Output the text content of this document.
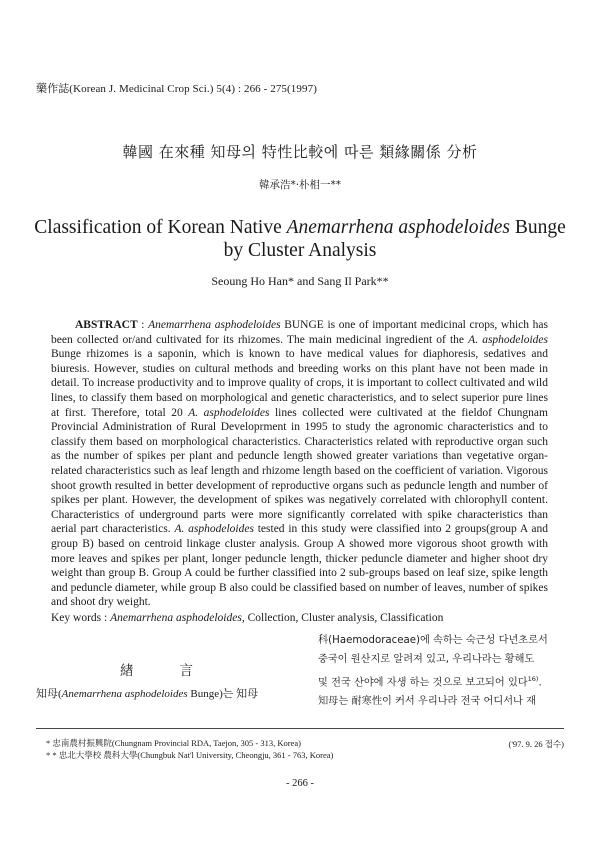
藥作誌(Korean J. Medicinal Crop Sci.) 5(4) : 266 - 275(1997)
韓國 在來種 知母의 特性比較에 따른 類緣關係 分析
韓承浩*·朴相一**
Classification of Korean Native Anemarrhena asphodeloides Bunge
by Cluster Analysis
Seoung Ho Han* and Sang Il Park**
ABSTRACT : Anemarrhena asphodeloides BUNGE is one of important medicinal crops, which has been collected or/and cultivated for its rhizomes. The main medicinal ingredient of the A. asphodeloides Bunge rhizomes is a saponin, which is known to have medical values for diaphoresis, sedatives and biuresis. However, studies on cultural methods and breeding works on this plant have not been made in detail. To increase productivity and to improve quality of crops, it is important to collect cultivated and wild lines, to classify them based on morphological and genetic characteristics, and to select superior pure lines at first. Therefore, total 20 A. asphodeloides lines collected were cultivated at the fieldof Chungnam Provincial Administration of Rural Developrment in 1995 to study the agronomic characteristics and to classify them based on morphological characteristics. Characteristics related with reproductive organ such as the number of spikes per plant and peduncle length showed greater variations than vegetative organ-related characteristics such as leaf length and rhizome length based on the coefficient of variation. Vigorous shoot growth resulted in better development of reproductive organs such as peduncle length and number of spikes per plant. However, the development of spikes was negatively correlated with chlorophyll content. Characteristics of underground parts were more significantly correlated with spike characteristics than aerial part characteristics. A. asphodeloides tested in this study were classified into 2 groups(group A and group B) based on centroid linkage cluster analysis. Group A showed more vigorous shoot growth with more leaves and spikes per plant, longer peduncle length, thicker peduncle diameter and higher shoot dry weight than group B. Group A could be further classified into 2 sub-groups based on leaf size, spike length and peduncle diameter, while group B also could be classified based on number of leaves, number of spikes and shoot dry weight.
Key words : Anemarrhena asphodeloides, Collection, Cluster analysis, Classification
緖	言
知母(Anemarrhena asphodeloides Bunge)는 知母
科(Haemodoraceae)에 속하는 숙근성 다년초로서
중국이 원산지로 알려져 있고, 우리나라는 황해도
및 전국 산야에 자생 하는 것으로 보고되어 있다$^{16)}$.
知母는 耐寒性이 커서 우리나라 전국 어디서나 재
* 忠南農村振興院(Chungnam Provincial RDA, Taejon, 305 - 313, Korea)
* * 忠北大學校 農科大學(Chungbuk Nat'l University, Cheongju, 361 - 763, Korea)
('97. 9. 26 접수)
- 266 -
